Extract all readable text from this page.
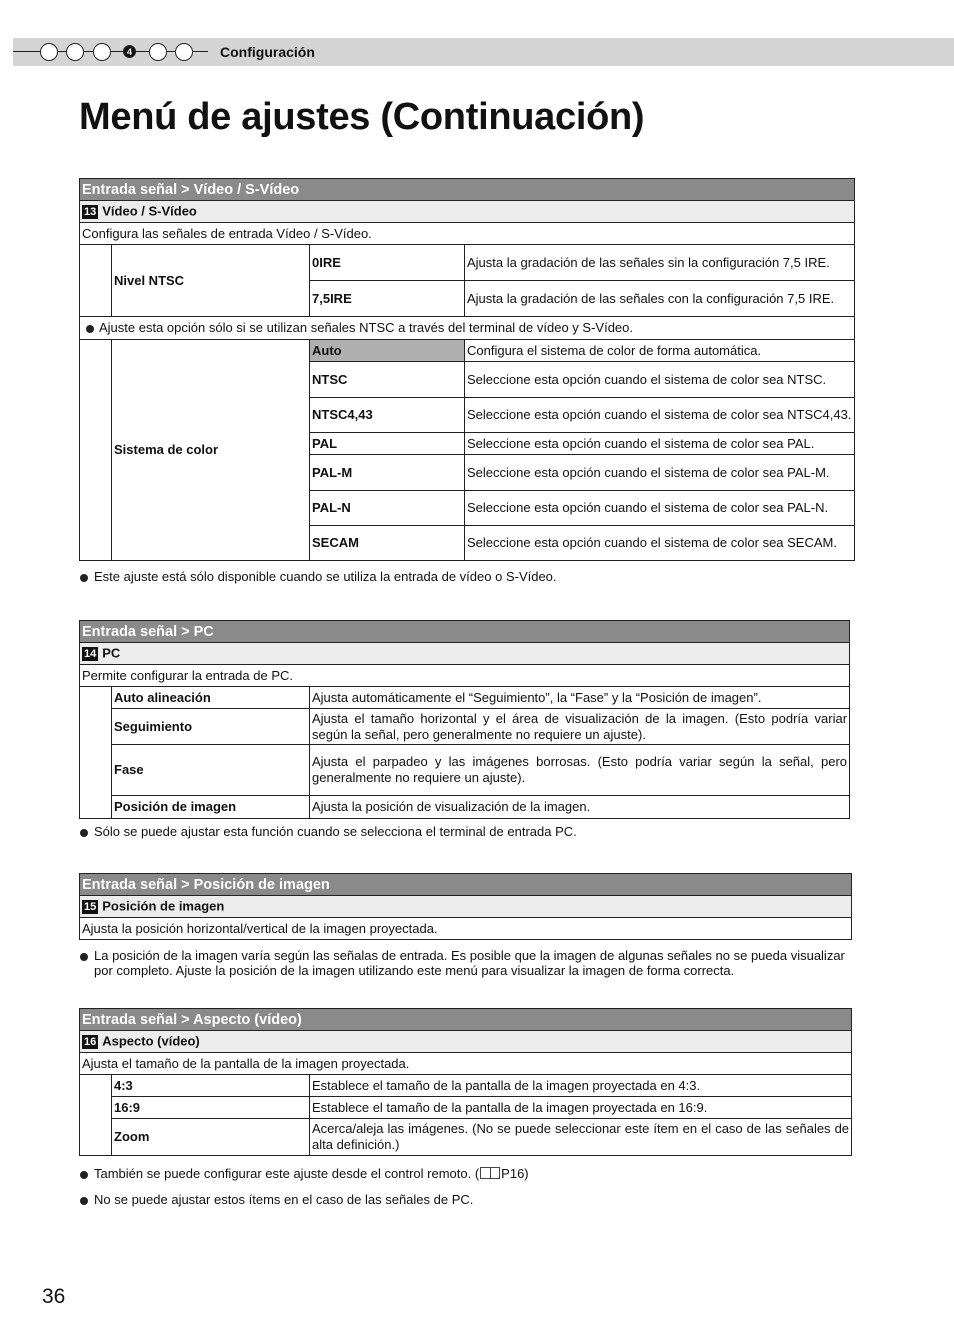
4	Configuración
Menú de ajustes (Continuación)
Entrada señal > Vídeo / S-Vídeo			
13 Vídeo / S-Vídeo			
Configura las señales de entrada Vídeo / S-Vídeo.			
	Nivel NTSC	0IRE	Ajusta la gradación de las señales sin la configuración 7,5 IRE.
		7,5IRE	Ajusta la gradación de las señales con la configuración 7,5 IRE.
Ajuste esta opción sólo si se utilizan señales NTSC a través del terminal de vídeo y S-Vídeo.			
	Sistema de color	Auto	Configura el sistema de color de forma automática.
		NTSC	Seleccione esta opción cuando el sistema de color sea NTSC.
		NTSC4,43	Seleccione esta opción cuando el sistema de color sea NTSC4,43.
		PAL	Seleccione esta opción cuando el sistema de color sea PAL.
		PAL-M	Seleccione esta opción cuando el sistema de color sea PAL-M.
		PAL-N	Seleccione esta opción cuando el sistema de color sea PAL-N.
		SECAM	Seleccione esta opción cuando el sistema de color sea SECAM.
Este ajuste está sólo disponible cuando se utiliza la entrada de vídeo o S-Vídeo.
Entrada señal > PC		
14 PC		
Permite configurar la entrada de PC.		
	Auto alineación	Ajusta automáticamente el “Seguimiento”, la “Fase” y la “Posición de imagen”.
	Seguimiento	Ajusta el tamaño horizontal y el área de visualización de la imagen. (Esto podría variar según la señal, pero generalmente no requiere un ajuste).
	Fase	Ajusta el parpadeo y las imágenes borrosas. (Esto podría variar según la señal, pero generalmente no requiere un ajuste).
	Posición de imagen	Ajusta la posición de visualización de la imagen.
Sólo se puede ajustar esta función cuando se selecciona el terminal de entrada PC.
Entrada señal > Posición de imagen
15 Posición de imagen
Ajusta la posición horizontal/vertical de la imagen proyectada.
La posición de la imagen varía según las señalas de entrada. Es posible que la imagen de algunas señales no se pueda visualizar por completo. Ajuste la posición de la imagen utilizando este menú para visualizar la imagen de forma correcta.
Entrada señal > Aspecto (vídeo)		
16 Aspecto (vídeo)		
Ajusta el tamaño de la pantalla de la imagen proyectada.		
	4:3	Establece el tamaño de la pantalla de la imagen proyectada en 4:3.
	16:9	Establece el tamaño de la pantalla de la imagen proyectada en 16:9.
	Zoom	Acerca/aleja las imágenes. (No se puede seleccionar este ítem en el caso de las señales de alta definición.)
También se puede configurar este ajuste desde el control remoto. ( P16)
No se puede ajustar estos ítems en el caso de las señales de PC.
36
